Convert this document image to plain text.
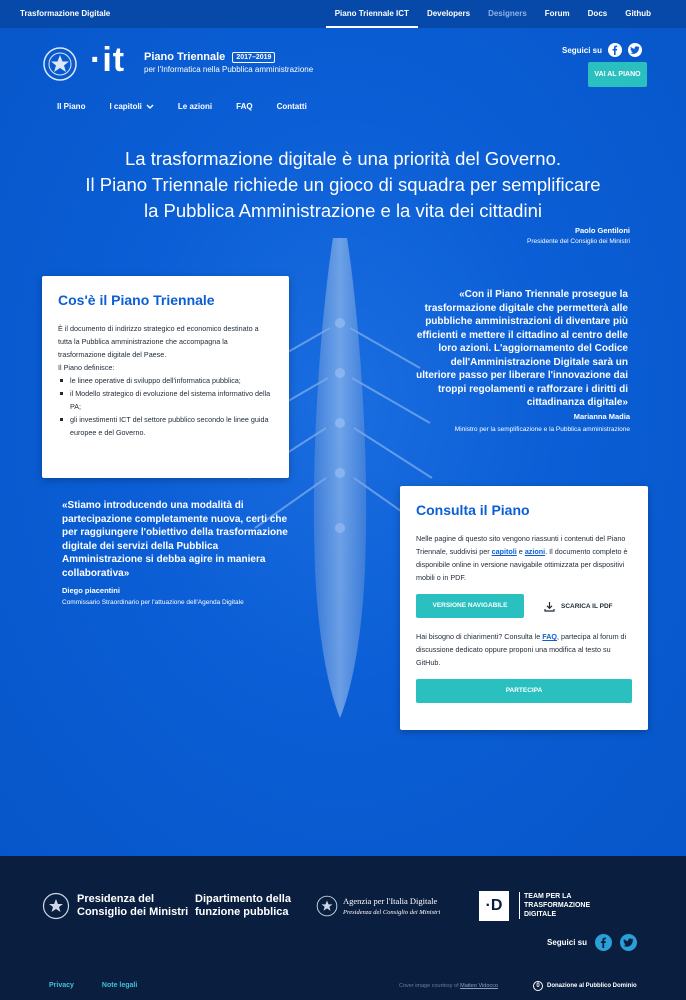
Trasformazione Digitale	Piano Triennale ICT	Developers	Designers	Forum	Docs	Github
·it Piano Triennale 2017–2019
per l'Informatica nella Pubblica amministrazione
Seguici su
VAI AL PIANO
Il Piano	I capitoli	Le azioni	FAQ	Contatti
La trasformazione digitale è una priorità del Governo.
Il Piano Triennale richiede un gioco di squadra per semplificare
la Pubblica Amministrazione e la vita dei cittadini
Paolo Gentiloni
Presidente del Consiglio dei Ministri
Cos'è il Piano Triennale

È il documento di indirizzo strategico ed economico destinato a tutta la Pubblica amministrazione che accompagna la trasformazione digitale del Paese.

Il Piano definisce:

le linee operative di sviluppo dell'informatica pubblica;
il Modello strategico di evoluzione del sistema informativo della PA;
gli investimenti ICT del settore pubblico secondo le linee guida europee e del Governo.
«Con il Piano Triennale prosegue la trasformazione digitale che permetterà alle pubbliche amministrazioni di diventare più efficienti e mettere il cittadino al centro delle loro azioni. L'aggiornamento del Codice dell'Amministrazione Digitale sarà un ulteriore passo per liberare l'innovazione dai troppi regolamenti e rafforzare i diritti di cittadinanza digitale»
Marianna Madia
Ministro per la semplificazione e la Pubblica amministrazione
«Stiamo introducendo una modalità di partecipazione completamente nuova, certi che per raggiungere l'obiettivo della trasformazione digitale dei servizi della Pubblica Amministrazione si debba agire in maniera collaborativa»
Diego piacentini
Commissario Straordinario per l'attuazione dell'Agenda Digitale
Consulta il Piano

Nelle pagine di questo sito vengono riassunti i contenuti del Piano Triennale, suddivisi per capitoli e azioni. Il documento completo è disponibile online in versione navigabile ottimizzata per dispositivi mobili o in PDF.

VERSIONE NAVIGABILE	SCARICA IL PDF

Hai bisogno di chiarimenti? Consulta le FAQ, partecipa al forum di discussione dedicato oppure proponi una modifica al testo su GitHub.

PARTECIPA
Presidenza del
Consiglio dei Ministri
Dipartimento della
funzione pubblica
Agenzia per l'Italia Digitale
Presidenza del Consiglio dei Ministri	·D
TEAM PER LA
TRASFORMAZIONE
DIGITALE
Seguici su
Privacy	Note legali	Cover image courtesy of Matteo Vidocco	0	Donazione al Pubblico Dominio
